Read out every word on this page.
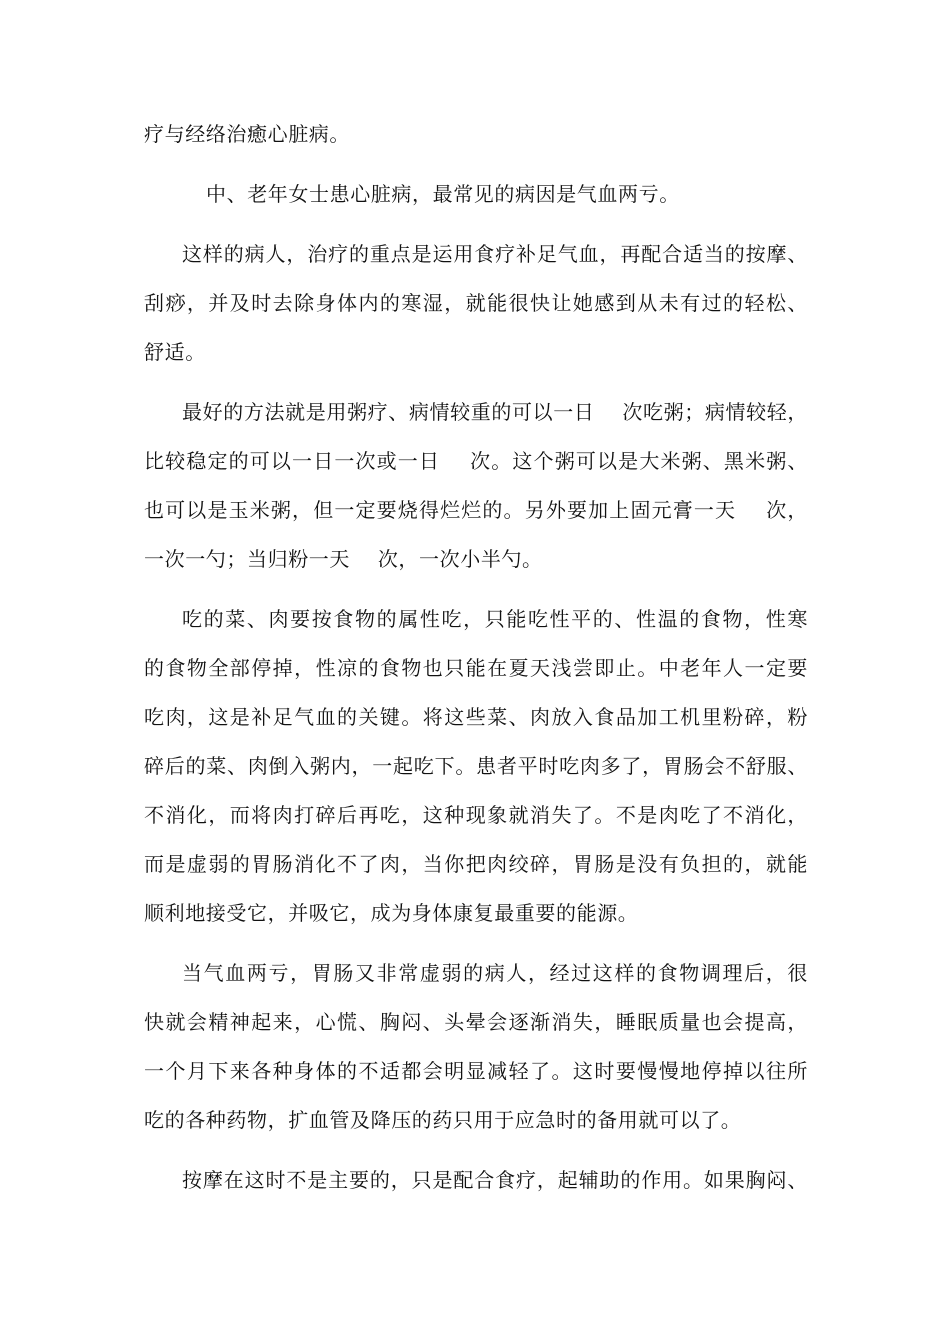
疗与经络治癒心脏病。

中、老年女士患心脏病，最常见的病因是气血两亏。

这样的病人，治疗的重点是运用食疗补足气血，再配合适当的按摩、

刮痧，并及时去除身体内的寒湿，就能很快让她感到从未有过的轻松、

舒适。

最好的方法就是用粥疗、病情较重的可以一日    次吃粥；病情较轻，

比较稳定的可以一日一次或一日    次。这个粥可以是大米粥、黑米粥、

也可以是玉米粥，但一定要烧得烂烂的。另外要加上固元膏一天    次，

一次一勺；当归粉一天    次，一次小半勺。

吃的菜、肉要按食物的属性吃，只能吃性平的、性温的食物，性寒

的食物全部停掉，性凉的食物也只能在夏天浅尝即止。中老年人一定要

吃肉，这是补足气血的关键。将这些菜、肉放入食品加工机里粉碎，粉

碎后的菜、肉倒入粥内，一起吃下。患者平时吃肉多了，胃肠会不舒服、

不消化，而将肉打碎后再吃，这种现象就消失了。不是肉吃了不消化，

而是虚弱的胃肠消化不了肉，当你把肉绞碎，胃肠是没有负担的，就能

顺利地接受它，并吸它，成为身体康复最重要的能源。

当气血两亏，胃肠又非常虚弱的病人，经过这样的食物调理后，很

快就会精神起来，心慌、胸闷、头晕会逐渐消失，睡眠质量也会提高，

一个月下来各种身体的不适都会明显减轻了。这时要慢慢地停掉以往所

吃的各种药物，扩血管及降压的药只用于应急时的备用就可以了。

按摩在这时不是主要的，只是配合食疗，起辅助的作用。如果胸闷、
